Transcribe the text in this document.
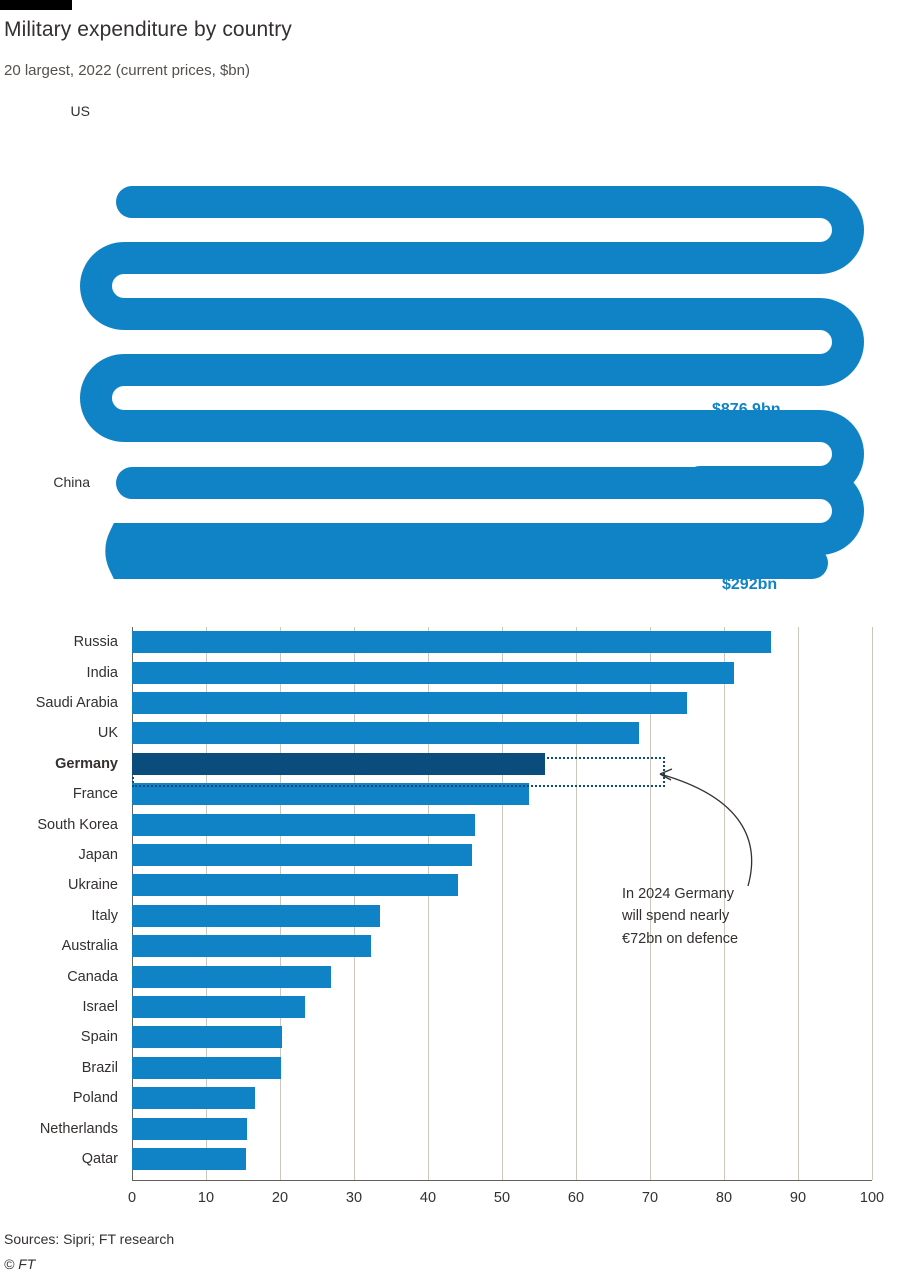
Military expenditure by country
20 largest, 2022 (current prices, $bn)
US
$876.9bn
China
$292bn
Russia
India
Saudi Arabia
UK
Germany
France
South Korea
Japan
Ukraine
Italy
Australia
Canada
Israel
Spain
Brazil
Poland
Netherlands
Qatar
0	10	20	30	40	50	60	70	80	90	100
In 2024 Germany
will spend nearly
€72bn on defence
Sources: Sipri; FT research
© FT
